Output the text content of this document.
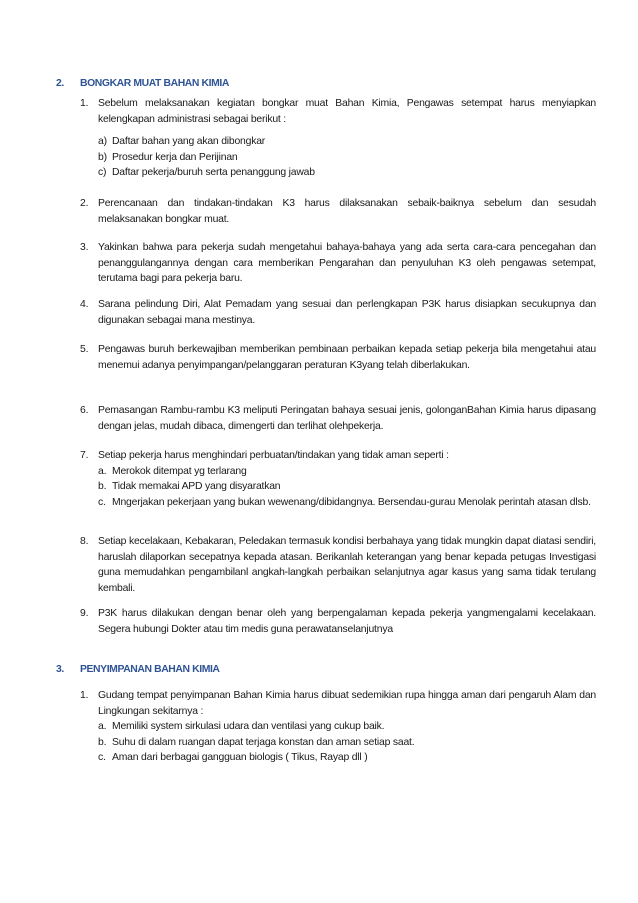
2. BONGKAR MUAT BAHAN KIMIA
1. Sebelum melaksanakan kegiatan bongkar muat Bahan Kimia, Pengawas setempat harus menyiapkan kelengkapan administrasi sebagai berikut :
a) Daftar bahan yang akan dibongkar
b) Prosedur kerja dan Perijinan
c) Daftar pekerja/buruh serta penanggung jawab
2. Perencanaan dan tindakan-tindakan K3 harus dilaksanakan sebaik-baiknya sebelum dan sesudah melaksanakan bongkar muat.
3. Yakinkan bahwa para pekerja sudah mengetahui bahaya-bahaya yang ada serta cara-cara pencegahan dan penanggulangannya dengan cara memberikan Pengarahan dan penyuluhan K3 oleh pengawas setempat, terutama bagi para pekerja baru.
4. Sarana pelindung Diri, Alat Pemadam yang sesuai dan perlengkapan P3K harus disiapkan secukupnya dan digunakan sebagai mana mestinya.
5. Pengawas buruh berkewajiban memberikan pembinaan perbaikan kepada setiap pekerja bila mengetahui atau menemui adanya penyimpangan/pelanggaran peraturan K3yang telah diberlakukan.
6. Pemasangan Rambu-rambu K3 meliputi Peringatan bahaya sesuai jenis, golonganBahan Kimia harus dipasang dengan jelas, mudah dibaca, dimengerti dan terlihat olehpekerja.
7. Setiap pekerja harus menghindari perbuatan/tindakan yang tidak aman seperti :
a. Merokok ditempat yg terlarang
b. Tidak memakai APD yang disyaratkan
c. Mngerjakan pekerjaan yang bukan wewenang/dibidangnya. Bersendau-gurau Menolak perintah atasan dlsb.
8. Setiap kecelakaan, Kebakaran, Peledakan termasuk kondisi berbahaya yang tidak mungkin dapat diatasi sendiri, haruslah dilaporkan secepatnya kepada atasan. Berikanlah keterangan yang benar kepada petugas Investigasi guna memudahkan pengambilanl angkah-langkah perbaikan selanjutnya agar kasus yang sama tidak terulang kembali.
9. P3K harus dilakukan dengan benar oleh yang berpengalaman kepada pekerja yangmengalami kecelakaan. Segera hubungi Dokter atau tim medis guna perawatanselanjutnya
3. PENYIMPANAN BAHAN KIMIA
1. Gudang tempat penyimpanan Bahan Kimia harus dibuat sedemikian rupa hingga aman dari pengaruh Alam dan Lingkungan sekitarnya :
a. Memiliki system sirkulasi udara dan ventilasi yang cukup baik.
b. Suhu di dalam ruangan dapat terjaga konstan dan aman setiap saat.
c. Aman dari berbagai gangguan biologis ( Tikus, Rayap dll )
